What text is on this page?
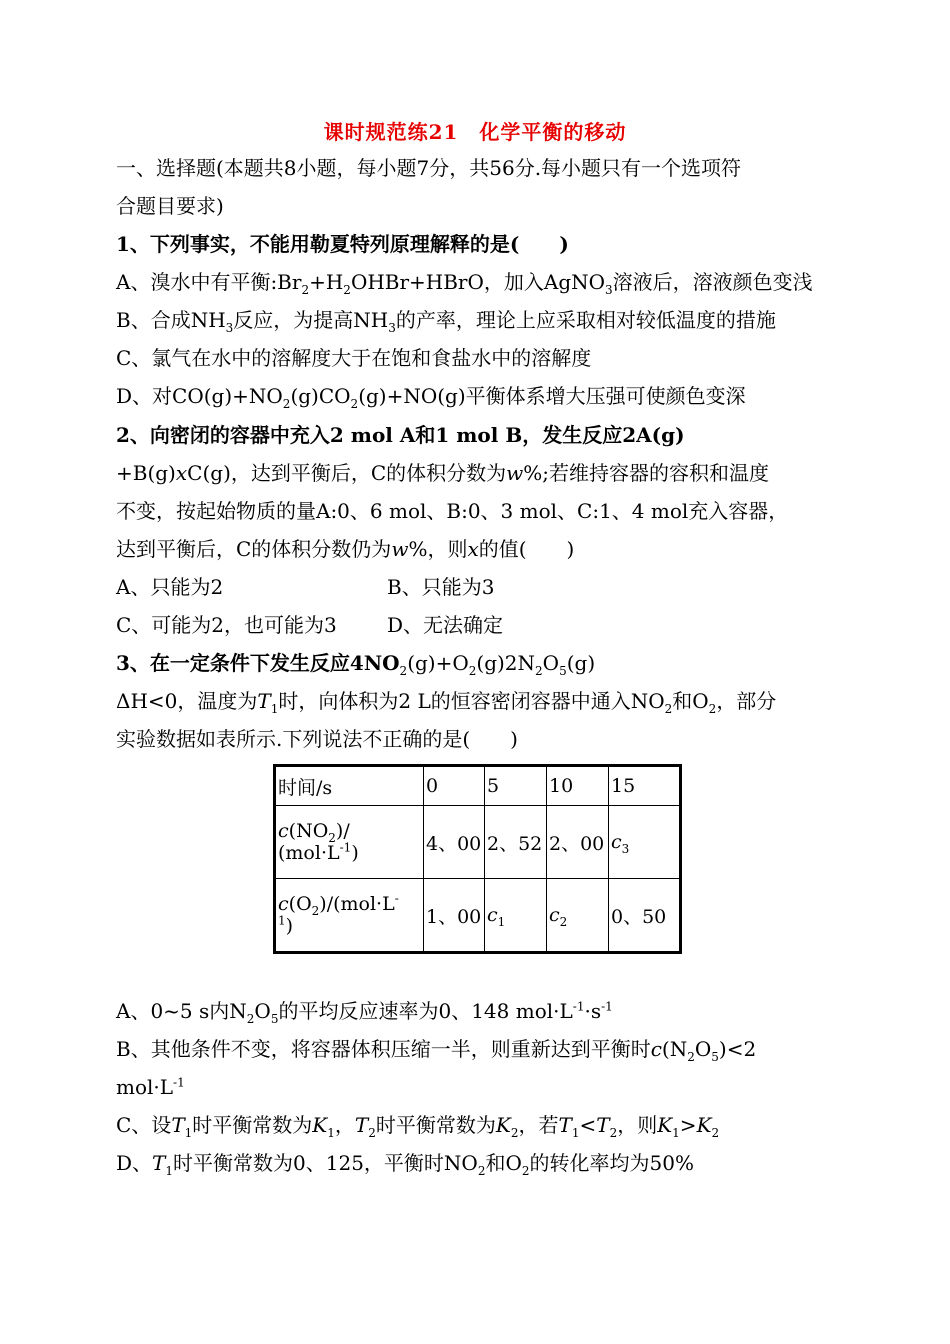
课时规范练21　化学平衡的移动
一、选择题(本题共8小题，每小题7分，共56分.每小题只有一个选项符
合题目要求)
1、下列事实，不能用勒夏特列原理解释的是(　　)
A、溴水中有平衡$:Br_2+H_2OHBr+HBrO$，加入AgNO$_3$溶液后，溶液颜色变浅
B、合成$NH_3$反应，为提高$NH_3$的产率，理论上应采取相对较低温度的措施
C、氯气在水中的溶解度大于在饱和食盐水中的溶解度
D、对$CO(g)+NO_2(g)CO_2(g)+NO(g)$平衡体系增大压强可使颜色变深
2、向密闭的容器中充入2 mol A和1 mol B，发生反应2A(g)
+B(g)xC(g)，达到平衡后，C的体积分数为w%;若维持容器的容积和温度
不变，按起始物质的量A:0、6 mol、B:0、3 mol、C:1、4 mol充入容器，
达到平衡后，C的体积分数仍为w%，则x的值(　　)
A、只能为2	B、只能为3
C、可能为2，也可能为3	D、无法确定
3、在一定条件下发生反应$4NO_2(g)+O_2(g)2N_2O_5(g)$
ΔH<0，温度为$T_1$时，向体积为2 L的恒容密闭容器中通入$NO_2$和$O_2$，部分
实验数据如表所示.下列说法不正确的是(　　)
时间/s	0	5	10	15
$c(NO_2)/$
$(mol\cdot L^{-1})$	4、00	2、52	2、00	$c_3$
$c(O_2)/(mol\cdot L^-$
$^1$)	1、00	$c_1$	$c_2$	0、50
A、0~5 s内$N_2O_5$的平均反应速率为0、148 $mol\cdot L^{-1}\cdot s^{-1}$
B、其他条件不变，将容器体积压缩一半，则重新达到平衡时$c(N_2O_5)<2$
$mol\cdot L^{-1}$
C、设$T_1$时平衡常数为$K_1$，$T_2$时平衡常数为$K_2$，若$T_1<T_2$，则$K_1>K_2$
D、$T_1$时平衡常数为0、125，平衡时$NO_2$和$O_2$的转化率均为50%
